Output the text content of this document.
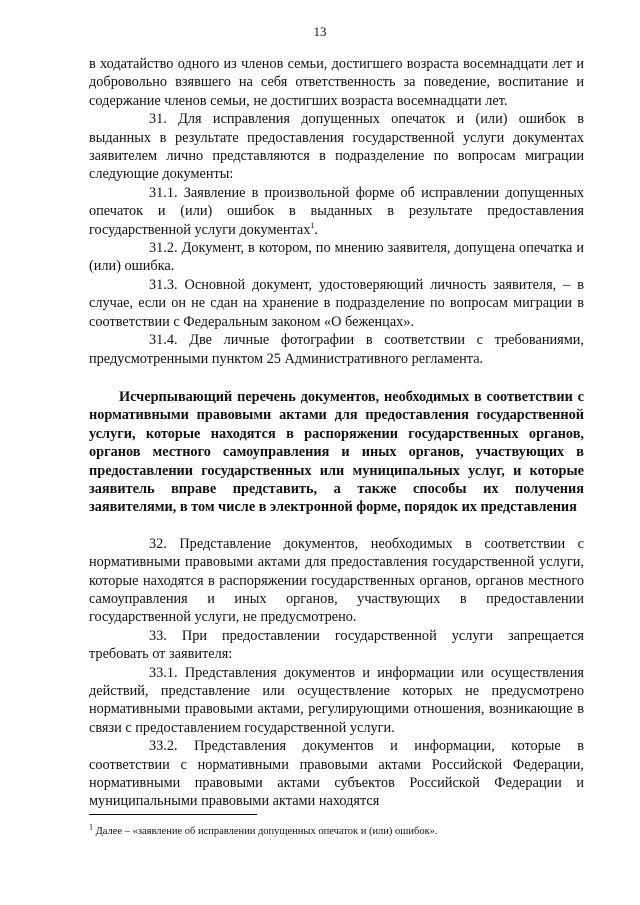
13

в ходатайство одного из членов семьи, достигшего возраста восемнадцати лет и добровольно взявшего на себя ответственность за поведение, воспитание и содержание членов семьи, не достигших возраста восемнадцати лет.

31. Для исправления допущенных опечаток и (или) ошибок в выданных в результате предоставления государственной услуги документах заявителем лично представляются в подразделение по вопросам миграции следующие документы:

31.1. Заявление в произвольной форме об исправлении допущенных опечаток и (или) ошибок в выданных в результате предоставления государственной услуги документах$^1$.

31.2. Документ, в котором, по мнению заявителя, допущена опечатка и (или) ошибка.

31.3. Основной документ, удостоверяющий личность заявителя, – в случае, если он не сдан на хранение в подразделение по вопросам миграции в соответствии с Федеральным законом «О беженцах».

31.4. Две личные фотографии в соответствии с требованиями, предусмотренными пунктом 25 Административного регламента.

Исчерпывающий перечень документов, необходимых в соответствии с нормативными правовыми актами для предоставления государственной услуги, которые находятся в распоряжении государственных органов, органов местного самоуправления и иных органов, участвующих в предоставлении государственных или муниципальных услуг, и которые заявитель вправе представить, а также способы их получения заявителями, в том числе в электронной форме, порядок их представления

32. Представление документов, необходимых в соответствии с нормативными правовыми актами для предоставления государственной услуги, которые находятся в распоряжении государственных органов, органов местного самоуправления и иных органов, участвующих в предоставлении государственной услуги, не предусмотрено.

33. При предоставлении государственной услуги запрещается требовать от заявителя:

33.1. Представления документов и информации или осуществления действий, представление или осуществление которых не предусмотрено нормативными правовыми актами, регулирующими отношения, возникающие в связи с предоставлением государственной услуги.

33.2. Представления документов и информации, которые в соответствии с нормативными правовыми актами Российской Федерации, нормативными правовыми актами субъектов Российской Федерации и муниципальными правовыми актами находятся

$^1$ Далее – «заявление об исправлении допущенных опечаток и (или) ошибок».
